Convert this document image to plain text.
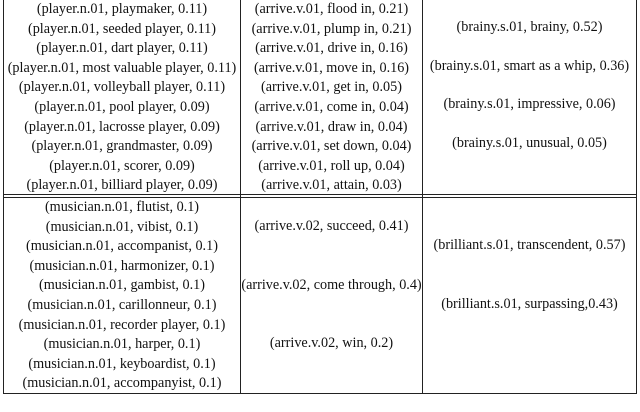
(player.n.01, playmaker, 0.11)
(player.n.01, seeded player, 0.11)
(player.n.01, dart player, 0.11)
(player.n.01, most valuable player, 0.11)
(player.n.01, volleyball player, 0.11)
(player.n.01, pool player, 0.09)
(player.n.01, lacrosse player, 0.09)
(player.n.01, grandmaster, 0.09)
(player.n.01, scorer, 0.09)
(player.n.01, billiard player, 0.09)
(arrive.v.01, flood in, 0.21)
(arrive.v.01, plump in, 0.21)
(arrive.v.01, drive in, 0.16)
(arrive.v.01, move in, 0.16)
(arrive.v.01, get in, 0.05)
(arrive.v.01, come in, 0.04)
(arrive.v.01, draw in, 0.04)
(arrive.v.01, set down, 0.04)
(arrive.v.01, roll up, 0.04)
(arrive.v.01, attain, 0.03)
(brainy.s.01, brainy, 0.52)
(brainy.s.01, smart as a whip, 0.36)
(brainy.s.01, impressive, 0.06)
(brainy.s.01, unusual, 0.05)
(musician.n.01, flutist, 0.1)
(musician.n.01, vibist, 0.1)
(musician.n.01, accompanist, 0.1)
(musician.n.01, harmonizer, 0.1)
(musician.n.01, gambist, 0.1)
(musician.n.01, carillonneur, 0.1)
(musician.n.01, recorder player, 0.1)
(musician.n.01, harper, 0.1)
(musician.n.01, keyboardist, 0.1)
(musician.n.01, accompanyist, 0.1)
(arrive.v.02, succeed, 0.41)
(arrive.v.02, come through, 0.4)
(arrive.v.02, win, 0.2)
(brilliant.s.01, transcendent, 0.57)
(brilliant.s.01, surpassing,0.43)
